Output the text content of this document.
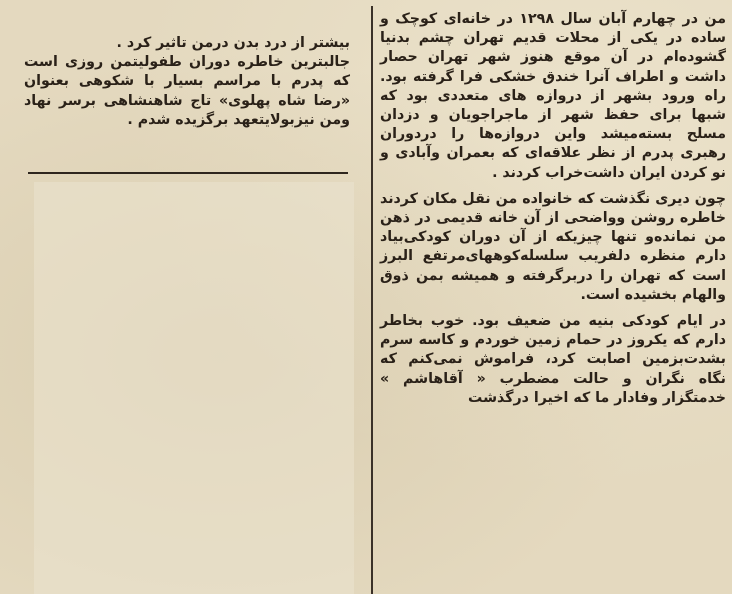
من در چهارم آبان سال ۱۲۹۸ در خانه‌ای کوچک و ساده در یکی از محلات قدیم تهران چشم بدنیا گشوده‌ام در آن موقع هنوز شهر تهران حصار داشت و اطراف آنرا خندق خشکی فرا گرفته بود. راه ورود بشهر از دروازه های متعددی بود که شبها برای حفظ شهر از ماجراجویان و دزدان مسلح بسته‌میشد واین دروازه‌ها را دردوران رهبری پدرم از نظر علاقه‌ای که بعمران وآبادی و نو کردن ایران داشت‌خراب کردند .

چون دیری نگذشت که خانواده من نقل مکان کردند خاطره روشن وواضحی از آن خانه قدیمی در ذهن من نمانده‌و تنها چیزیکه از آن دوران کودکی‌بیاد دارم منظره دلفریب سلسله‌کوههای‌مرتفع البرز است که تهران را دربرگرفته و همیشه بمن ذوق والهام بخشیده است.

در ایام کودکی بنیه من ضعیف بود. خوب بخاطر دارم که یکروز در حمام زمین خوردم و کاسه سرم بشدت‌بزمین اصابت کرد، فراموش نمی‌کنم که نگاه نگران و حالت مضطرب « آقاهاشم » خدمتگزار وفادار ما که اخیرا درگذشت

بیشتر از درد بدن درمن تاثیر کرد .

جالبترین خاطره دوران طفولیتمن روزی است که پدرم با مراسم بسیار با شکوهی بعنوان «رضا شاه پهلوی» تاج شاهنشاهی برسر نهاد ومن نیزبولایتعهد برگزیده شدم .
